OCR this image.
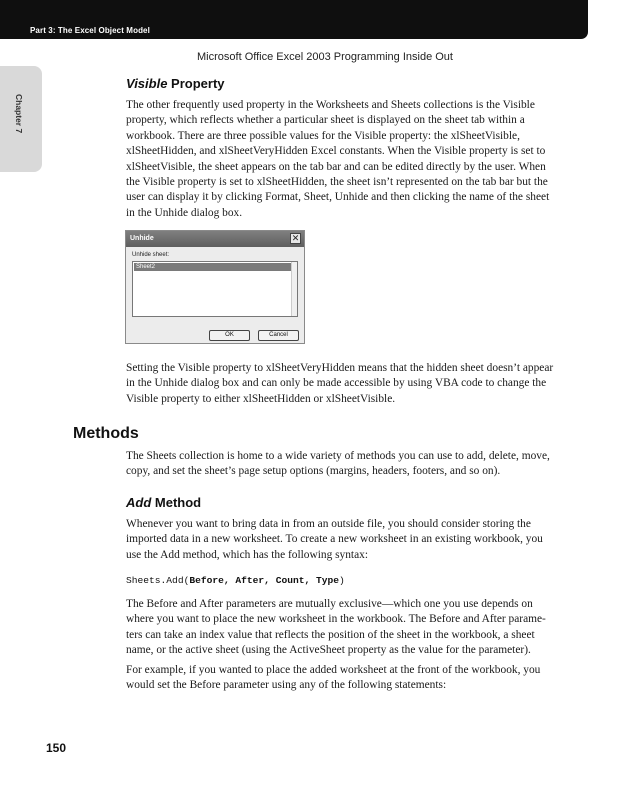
Part 3: The Excel Object Model
Microsoft Office Excel 2003 Programming Inside Out
Chapter 7
Visible Property
The other frequently used property in the Worksheets and Sheets collections is the Visible
property, which reflects whether a particular sheet is displayed on the sheet tab within a
workbook. There are three possible values for the Visible property: the xlSheetVisible,
xlSheetHidden, and xlSheetVeryHidden Excel constants. When the Visible property is set to
xlSheetVisible, the sheet appears on the tab bar and can be edited directly by the user. When
the Visible property is set to xlSheetHidden, the sheet isn’t represented on the tab bar but the
user can display it by clicking Format, Sheet, Unhide and then clicking the name of the sheet
in the Unhide dialog box.
Unhide	✕
Unhide sheet:
Sheet2
OK	Cancel
Setting the Visible property to xlSheetVeryHidden means that the hidden sheet doesn’t appear
in the Unhide dialog box and can only be made accessible by using VBA code to change the
Visible property to either xlSheetHidden or xlSheetVisible.
Methods
The Sheets collection is home to a wide variety of methods you can use to add, delete, move,
copy, and set the sheet’s page setup options (margins, headers, footers, and so on).
Add Method
Whenever you want to bring data in from an outside file, you should consider storing the
imported data in a new worksheet. To create a new worksheet in an existing workbook, you
use the Add method, which has the following syntax:
Sheets.Add(Before, After, Count, Type)
The Before and After parameters are mutually exclusive—which one you use depends on
where you want to place the new worksheet in the workbook. The Before and After parame-
ters can take an index value that reflects the position of the sheet in the workbook, a sheet
name, or the active sheet (using the ActiveSheet property as the value for the parameter).
For example, if you wanted to place the added worksheet at the front of the workbook, you
would set the Before parameter using any of the following statements:
150
